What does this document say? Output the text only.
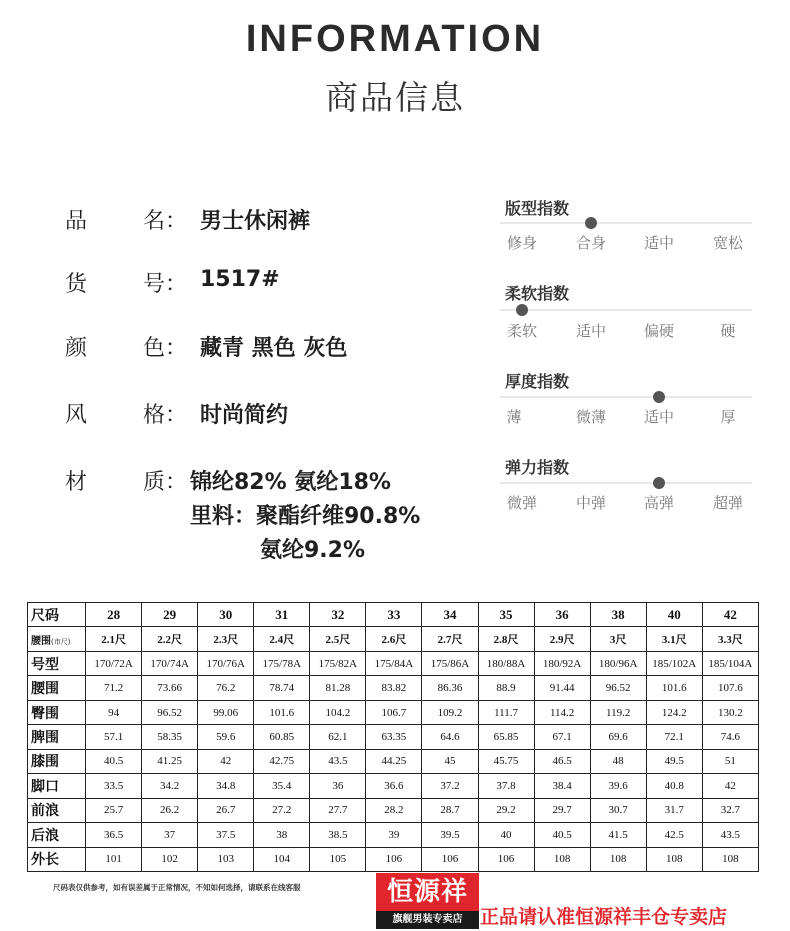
INFORMATION
商品信息
品	名： 男士休闲裤
货	号： 1517#
颜	色： 藏青 黑色 灰色
风	格： 时尚简约
材	质： 锦纶82% 氨纶18%
里料：聚酯纤维90.8%
氨纶9.2%
版型指数
修身	合身	适中	宽松
柔软指数
柔软	适中	偏硬	硬
厚度指数
薄	微薄	适中	厚
弹力指数
微弹	中弹	高弹	超弹
尺码	28	29	30	31	32	33	34	35	36	38	40	42
腰围(市尺)	2.1尺	2.2尺	2.3尺	2.4尺	2.5尺	2.6尺	2.7尺	2.8尺	2.9尺	3尺	3.1尺	3.3尺
号型	170/72A	170/74A	170/76A	175/78A	175/82A	175/84A	175/86A	180/88A	180/92A	180/96A	185/102A	185/104A
腰围	71.2	73.66	76.2	78.74	81.28	83.82	86.36	88.9	91.44	96.52	101.6	107.6
臀围	94	96.52	99.06	101.6	104.2	106.7	109.2	111.7	114.2	119.2	124.2	130.2
脾围	57.1	58.35	59.6	60.85	62.1	63.35	64.6	65.85	67.1	69.6	72.1	74.6
膝围	40.5	41.25	42	42.75	43.5	44.25	45	45.75	46.5	48	49.5	51
脚口	33.5	34.2	34.8	35.4	36	36.6	37.2	37.8	38.4	39.6	40.8	42
前浪	25.7	26.2	26.7	27.2	27.7	28.2	28.7	29.2	29.7	30.7	31.7	32.7
后浪	36.5	37	37.5	38	38.5	39	39.5	40	40.5	41.5	42.5	43.5
外长	101	102	103	104	105	106	106	106	108	108	108	108
尺码表仅供参考，如有误差属于正常情况，不知如何选择，请联系在线客服	恒源祥
旗舰男装专卖店 正品请认准恒源祥丰仓专卖店
